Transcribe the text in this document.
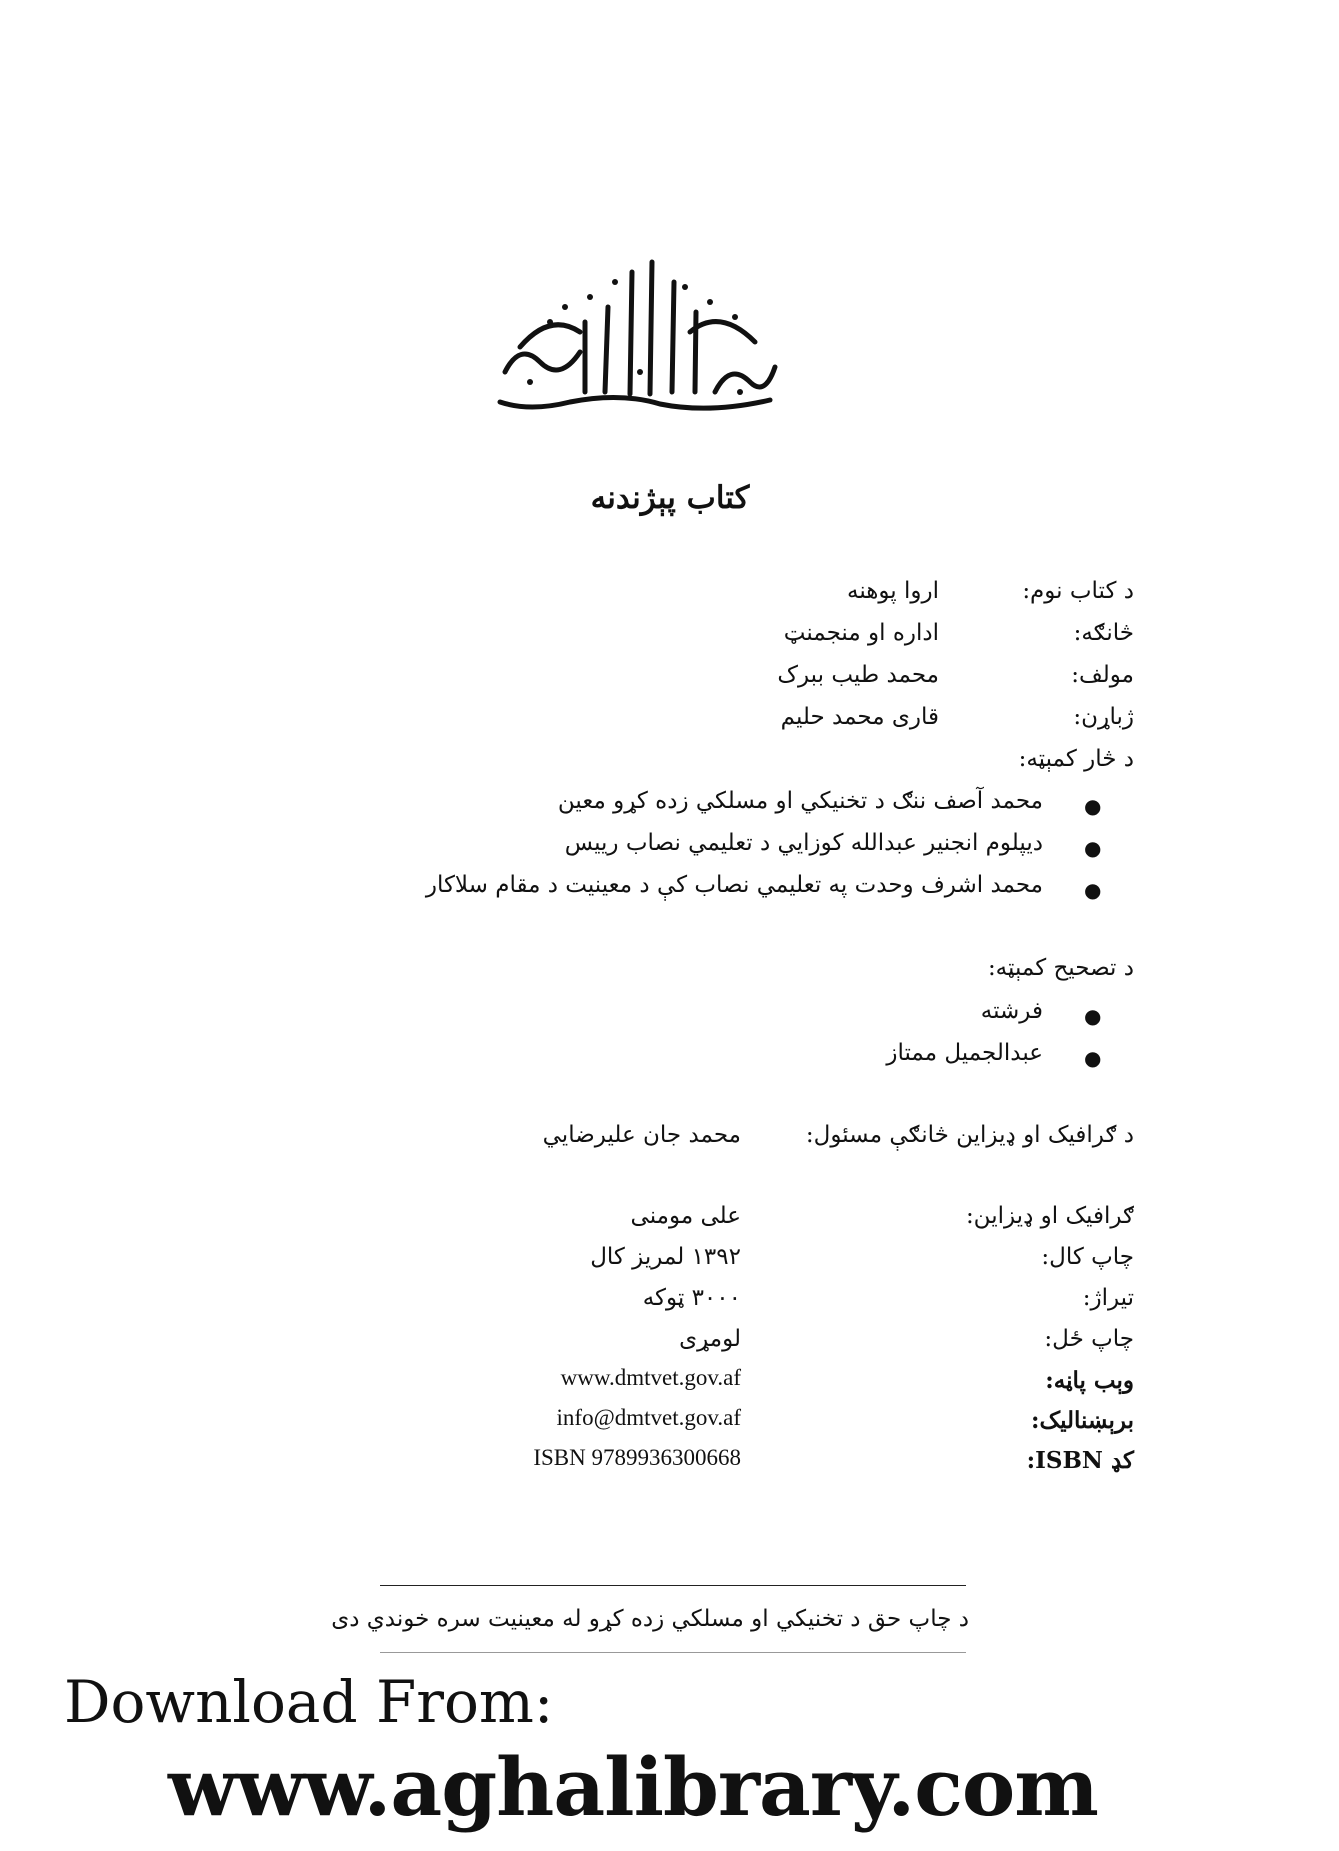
کتاب پېژندنه
د کتاب نوم:
اروا پوهنه
څانګه:
اداره او منجمنټ
مولف:
محمد طیب ببرک
ژباړن:
قاری محمد حلیم
د څار کمېټه:
●
محمد آصف ننګ د تخنیکي او مسلکي زده کړو معین
●
دیپلوم انجنیر عبدالله کوزايي د تعلیمي نصاب رییس
●
محمد اشرف وحدت په تعلیمي نصاب کې د معینیت د مقام سلاکار
د تصحیح کمېټه:
●
فرشته
●
عبدالجمیل ممتاز
د ګرافیک او ډیزاین څانګې مسئول:
محمد جان علیرضایي
ګرافیک او ډیزاین:
علی مومنی
چاپ کال:
۱۳۹۲ لمریز کال
تیراژ:
۳۰۰۰ ټوکه
چاپ ځل:
لومړی
وېب پاڼه:
www.dmtvet.gov.af
برېښنالیک:
info@dmtvet.gov.af
کډ ISBN:
ISBN 9789936300668
د چاپ حق د تخنیکي او مسلکي زده کړو له معینیت سره خوندي دی
Download From:
www.aghalibrary.com
